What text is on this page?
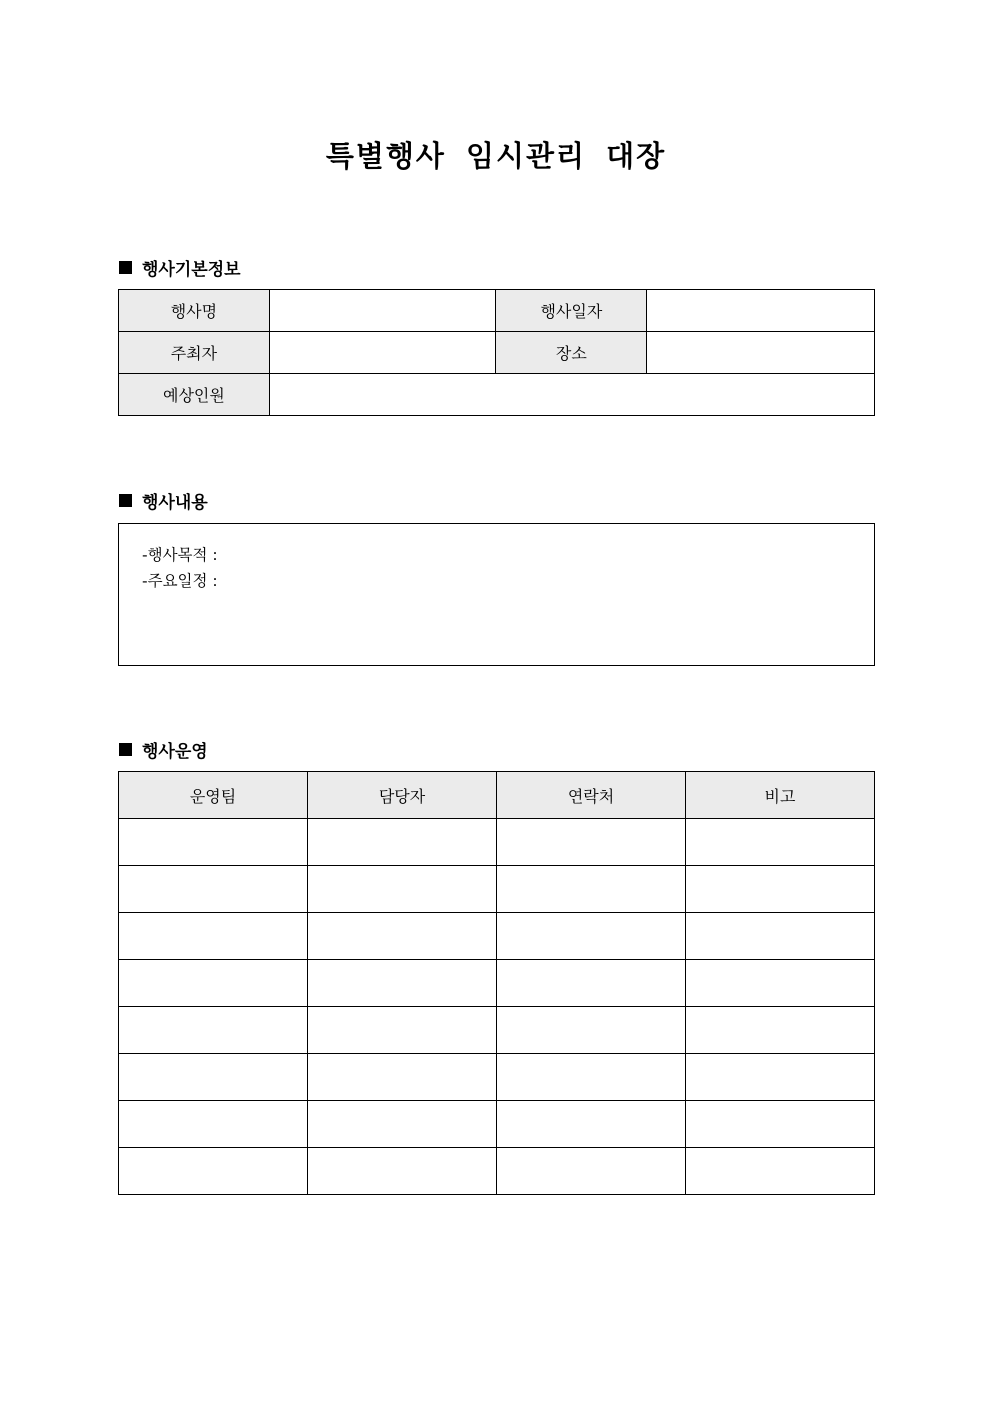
특별행사 임시관리 대장
행사기본정보
행사명		행사일자	
주최자		장소	
예상인원			
행사내용
-행사목적 :
-주요일정 :
행사운영
운영팀	담당자	연락처	비고
